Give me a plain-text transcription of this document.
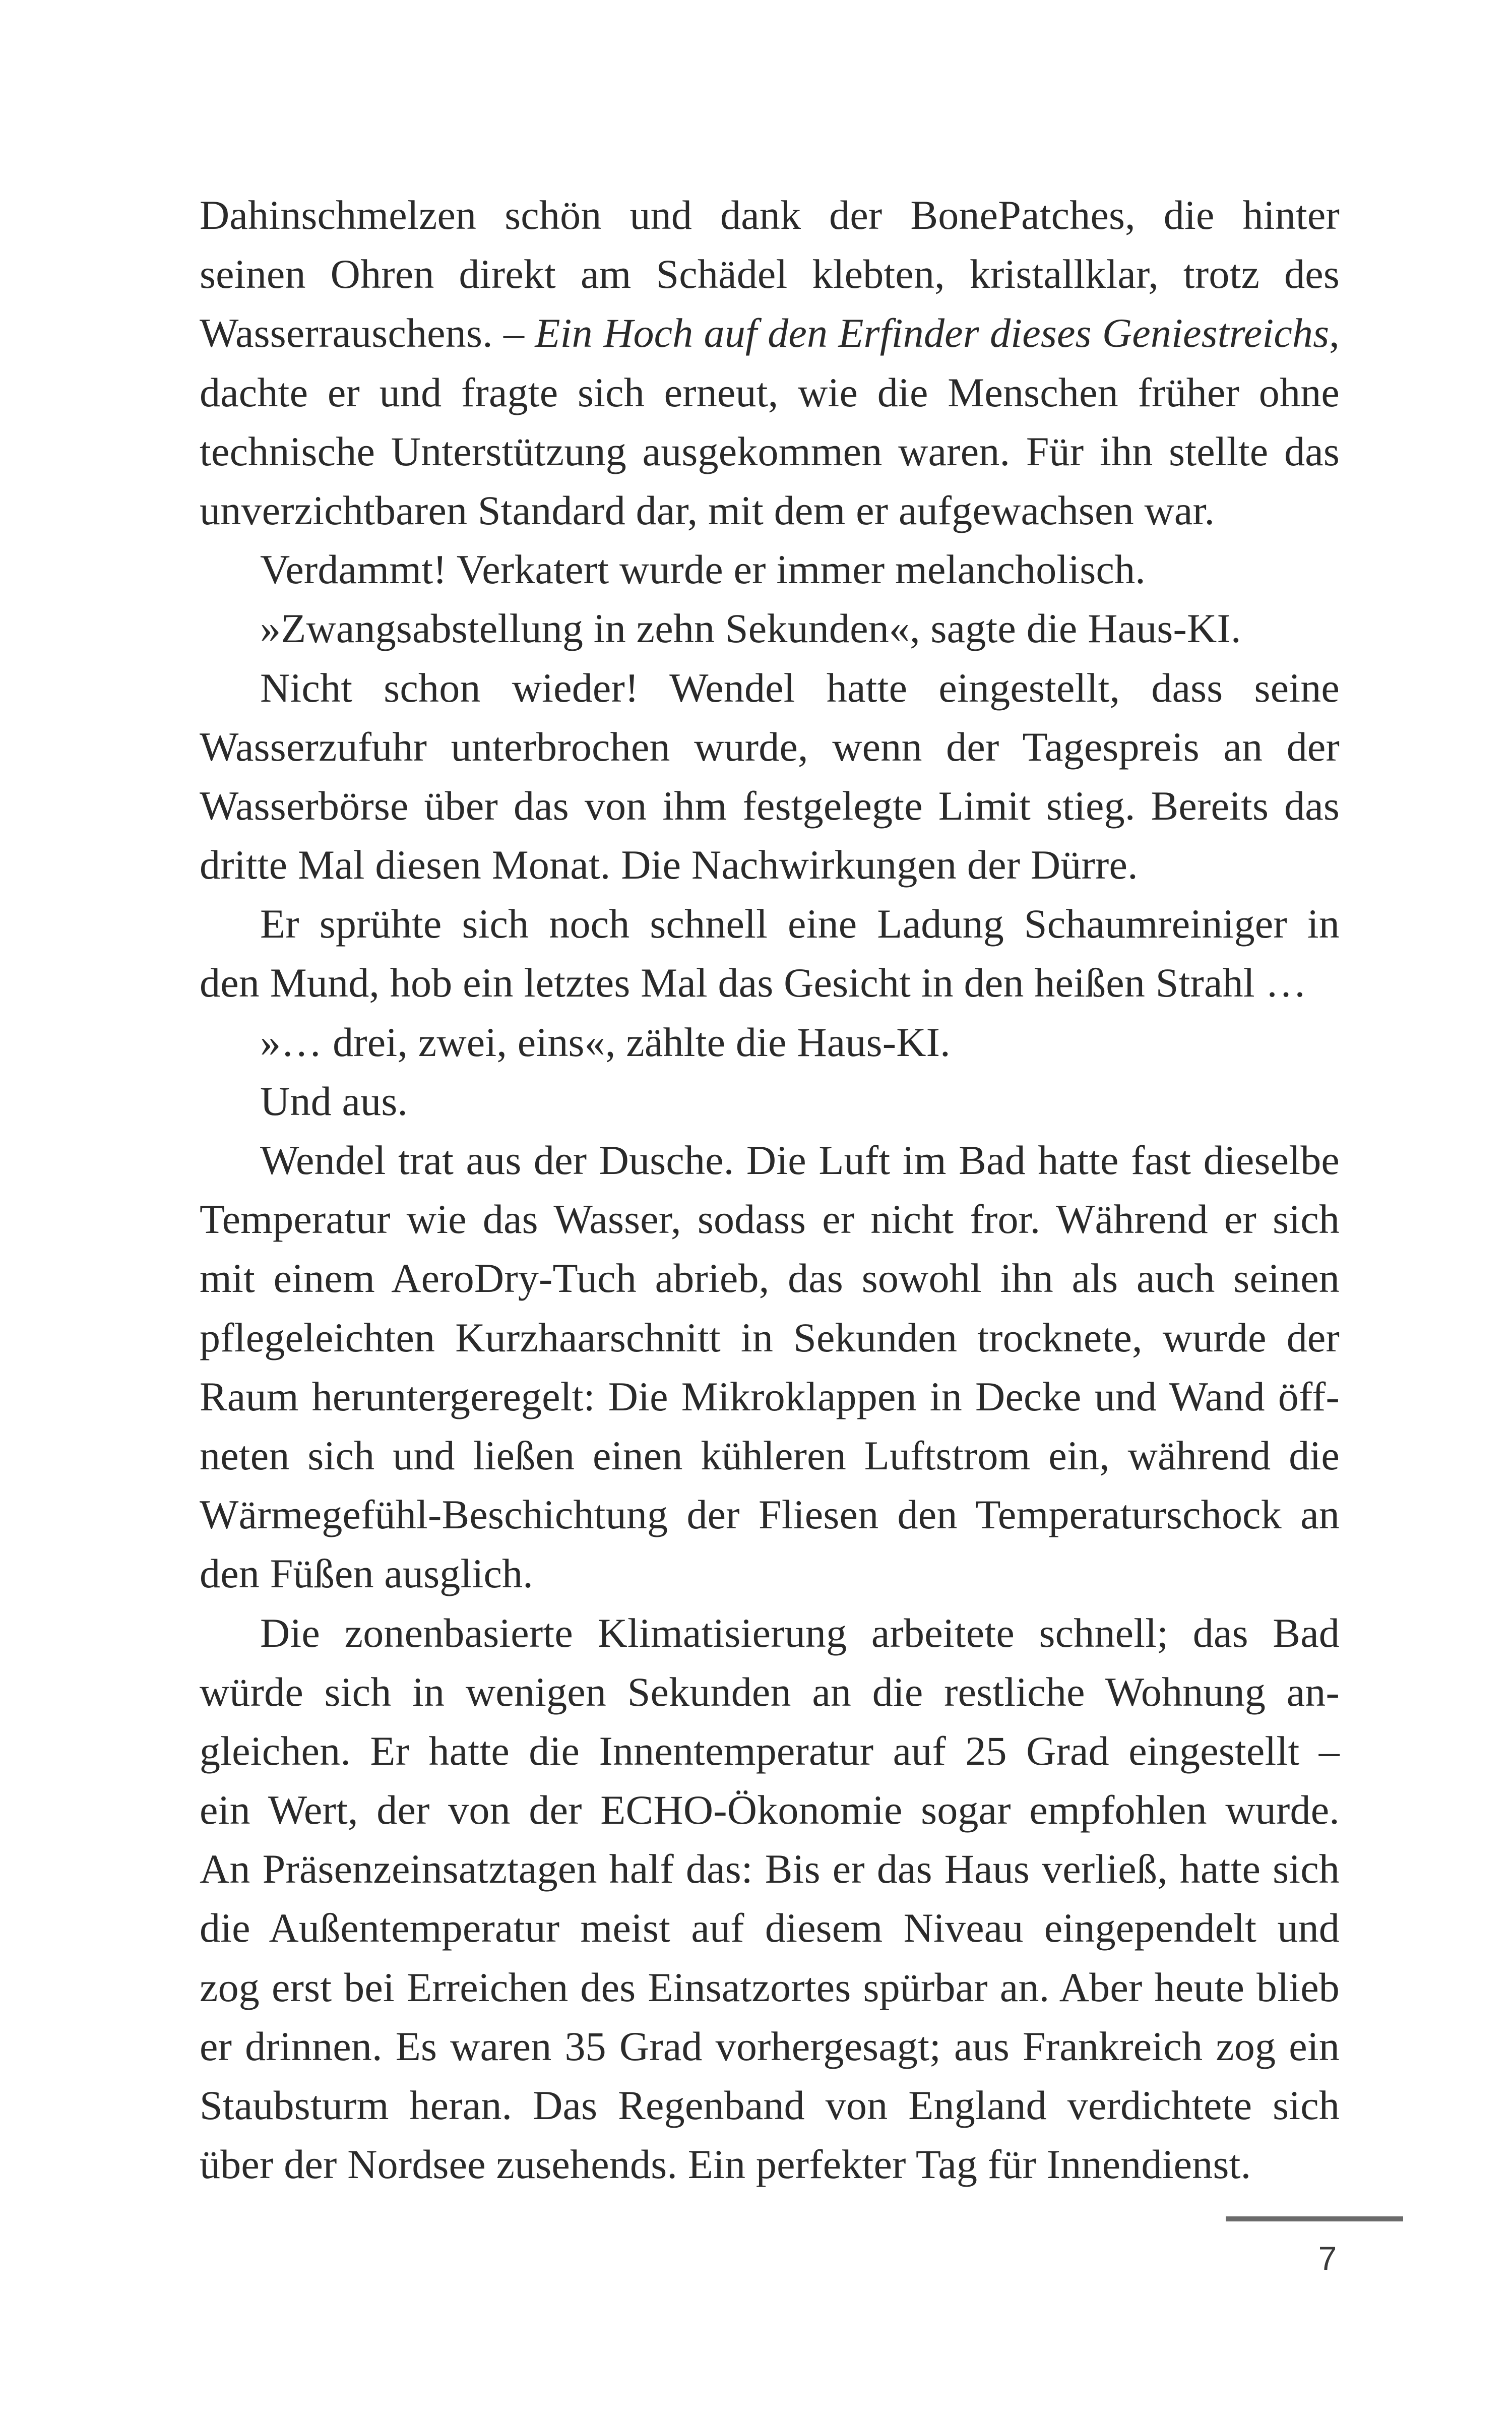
Dahinschmelzen schön und dank der BonePatches, die hinter
seinen Ohren direkt am Schädel klebten, kristallklar, trotz des
Wasserrauschens. – Ein Hoch auf den Erfinder dieses Geniestreichs,
dachte er und fragte sich erneut, wie die Menschen früher ohne
technische Unterstützung ausgekommen waren. Für ihn stellte das
unverzichtbaren Standard dar, mit dem er aufgewachsen war.
Verdammt! Verkatert wurde er immer melancholisch.
»Zwangsabstellung in zehn Sekunden«, sagte die Haus-KI.
Nicht schon wieder! Wendel hatte eingestellt, dass seine
Wasserzufuhr unterbrochen wurde, wenn der Tagespreis an der
Wasserbörse über das von ihm festgelegte Limit stieg. Bereits das
dritte Mal diesen Monat. Die Nachwirkungen der Dürre.
Er sprühte sich noch schnell eine Ladung Schaumreiniger in
den Mund, hob ein letztes Mal das Gesicht in den heißen Strahl …
»… drei, zwei, eins«, zählte die Haus-KI.
Und aus.
Wendel trat aus der Dusche. Die Luft im Bad hatte fast dieselbe
Temperatur wie das Wasser, sodass er nicht fror. Während er sich
mit einem AeroDry-Tuch abrieb, das sowohl ihn als auch seinen
pflegeleichten Kurzhaarschnitt in Sekunden trocknete, wurde der
Raum heruntergeregelt: Die Mikroklappen in Decke und Wand öff-
neten sich und ließen einen kühleren Luftstrom ein, während die
Wärmegefühl-Beschichtung der Fliesen den Temperaturschock an
den Füßen ausglich.
Die zonenbasierte Klimatisierung arbeitete schnell; das Bad
würde sich in wenigen Sekunden an die restliche Wohnung an-
gleichen. Er hatte die Innentemperatur auf 25 Grad eingestellt –
ein Wert, der von der ECHO-Ökonomie sogar empfohlen wurde.
An Präsenzeinsatztagen half das: Bis er das Haus verließ, hatte sich
die Außentemperatur meist auf diesem Niveau eingependelt und
zog erst bei Erreichen des Einsatzortes spürbar an. Aber heute blieb
er drinnen. Es waren 35 Grad vorhergesagt; aus Frankreich zog ein
Staubsturm heran. Das Regenband von England verdichtete sich
über der Nordsee zusehends. Ein perfekter Tag für Innendienst.
7
